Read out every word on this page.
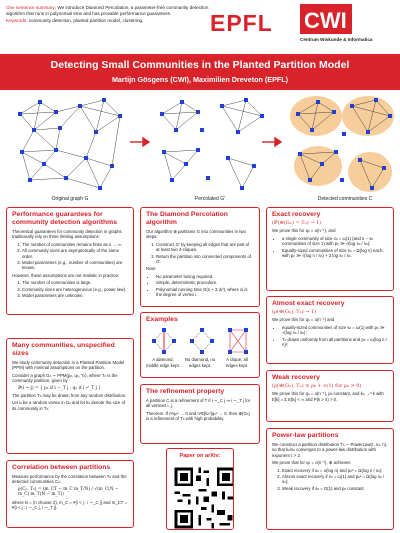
One sentence summary: We introduce Diamond Percolation, a parameter-free community detection algorithm that runs in polynomial time and has provable performance guarantees.
Keywords: community detection, planted partition model, clustering.	EPFL CWI
Centrum Wiskunde & Informatica
Detecting Small Communities in the Planted Partition Model
Martijn Gösgens (CWI), Maximilien Dreveton (EPFL)
Original graph G	Percolated G'	Detected communities C
Performance guarantees for community detection algorithms

Theoretical guarantees for community detection in graphs traditionally rely on three limiting assumptions:

1. The number of communities remains finite as n → ∞.
2. All community sizes are asymptotically of the same order.
3. Model parameters (e.g., number of communities) are known.

However, these assumptions are not realistic in practice:

1. The number of communities is large.
2. Community sizes are heterogeneous (e.g., power law).
3. Model parameters are unknown.
Many communities, unspecified sizes

We study community detection in a Planted Partition Model (PPM) with minimal assumptions on the partition.

Consider a graph Gₙ ∼ PPM(pₙ, qₙ, Tₙ), where Tₙ is the community partition, given by

ℙ(i ~ j) = { pₙ if i ∼_T j ; qₙ if i ≁_T j }

The partition Tₙ may be drawn from any random distribution.

Let iₙ be a random vertex in Gₙ and let kₙ denote the size of its community in Tₙ.

Correlation between partitions

Measure performance by the correlation between Tₙ and the detected communities Cₙ:

ρ(Cₙ, Tₙ) = (m_CT − m_C m_T/N) / √(m_C(N − m_C) m_T(N − m_T))

where N = (n choose 2), m_C = #{i < j : i ∼_C j} and m_CT = #{i < j : i ∼_C j, i ∼_T j}.

The Diamond Percolation algorithm

Our algorithm ⊕ partitions G into communities in two steps:

1. Construct G' by keeping all edges that are part of at least two 4-cliques.
2. Return the partition into connected components of G'.

Note:

• No parameter tuning required.
• Simple, deterministic procedure.
• Polynomial running time O(n + Σ dᵢ³), where dᵢ is the degree of vertex i.
Examples
A diamond, middle edge kept.
No diamond, no edges kept.
A clique, all edges kept.
The refinement property

A partition C is a refinement of T if i ∼_C j ⇒ i ∼_T j for all vertices i, j.

Theorem. If n²qₙ⁵ → 0 and n²E[kₙ²]qₙ² → 0, then ⊕(Gₙ) is a refinement of Tₙ with high probability.

Paper on arXiv:
Exact recovery
(ℙ(⊕(Gₙ) = Tₙ) → 1)

We prove this for qₙ = o(n⁻¹), and

• a single community of size sₙ = ω(1) (and n − sₙ communities of size 1) with pₙ ≫ √(log sₙ / sₙ);
• Equally-sized communities of size sₙ = Ω(log n) each, with pₙ ≫ √(log n / sₙ) + 3 log sₙ / sₙ.
Almost exact recovery
(ρ(⊕(Gₙ), Tₙ) → 1)

We prove this for qₙ = o(n⁻¹) and

• equally-sized communities of size sₙ = ω(1) with pₙ ≫ √(log sₙ / sₙ);
• Tₙ drawn uniformly from all partitions and pₙ = ω(log n / n)².
Weak recovery
(ρ(⊕(Gₙ), Tₙ) ≥ ρ₀ + o(1) for ρ₀ > 0)

We prove this for qₙ = o(n⁻¹), pₙ constant, and kₙ →ᵈ k with E[k] = Σ E[kᵢ] < ∞ and P(k ≥ 4) > 0.

Power-law partitions

We construct a partition distribution Tₙ ∼ PowerLaw(τ, sₙ, n), so that kₙ/sₙ converges to a power-law distribution with exponent τ > 2.

We prove that for qₙ = o(n⁻¹), ⊕ achieves

1. Exact recovery if sₙ = o(log n) and pₙ² = Ω(log n / sₙ);
2. Almost exact recovery if sₙ = ω(1) and pₙ² = Ω(log sₙ / sₙ);
3. Weak recovery if sₙ = O(1) and pₙ constant.
